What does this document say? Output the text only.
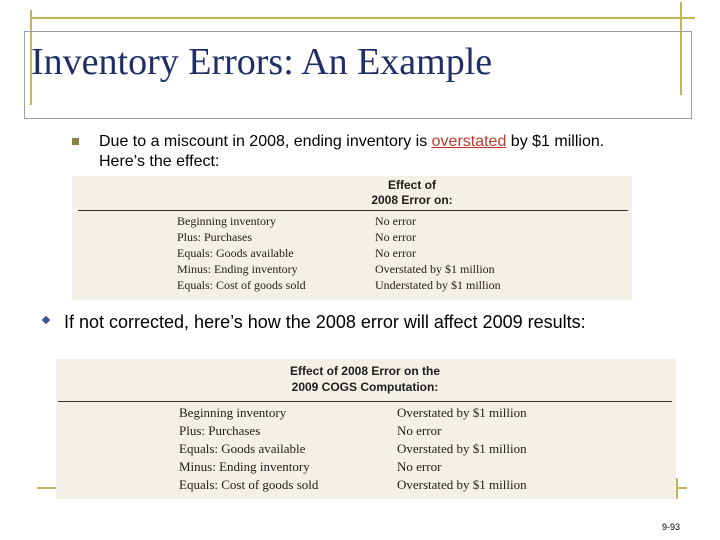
Inventory Errors: An Example

Due to a miscount in 2008, ending inventory is overstated by $1 million. Here’s the effect:

Effect of
2008 Error on:
Beginning inventory	No error
Plus: Purchases	No error
Equals: Goods available	No error
Minus: Ending inventory	Overstated by $1 million
Equals: Cost of goods sold	Understated by $1 million

If not corrected, here’s how the 2008 error will affect 2009 results:

Effect of 2008 Error on the
2009 COGS Computation:
Beginning inventory	Overstated by $1 million
Plus: Purchases	No error
Equals: Goods available	Overstated by $1 million
Minus: Ending inventory	No error
Equals: Cost of goods sold	Overstated by $1 million
9-93
